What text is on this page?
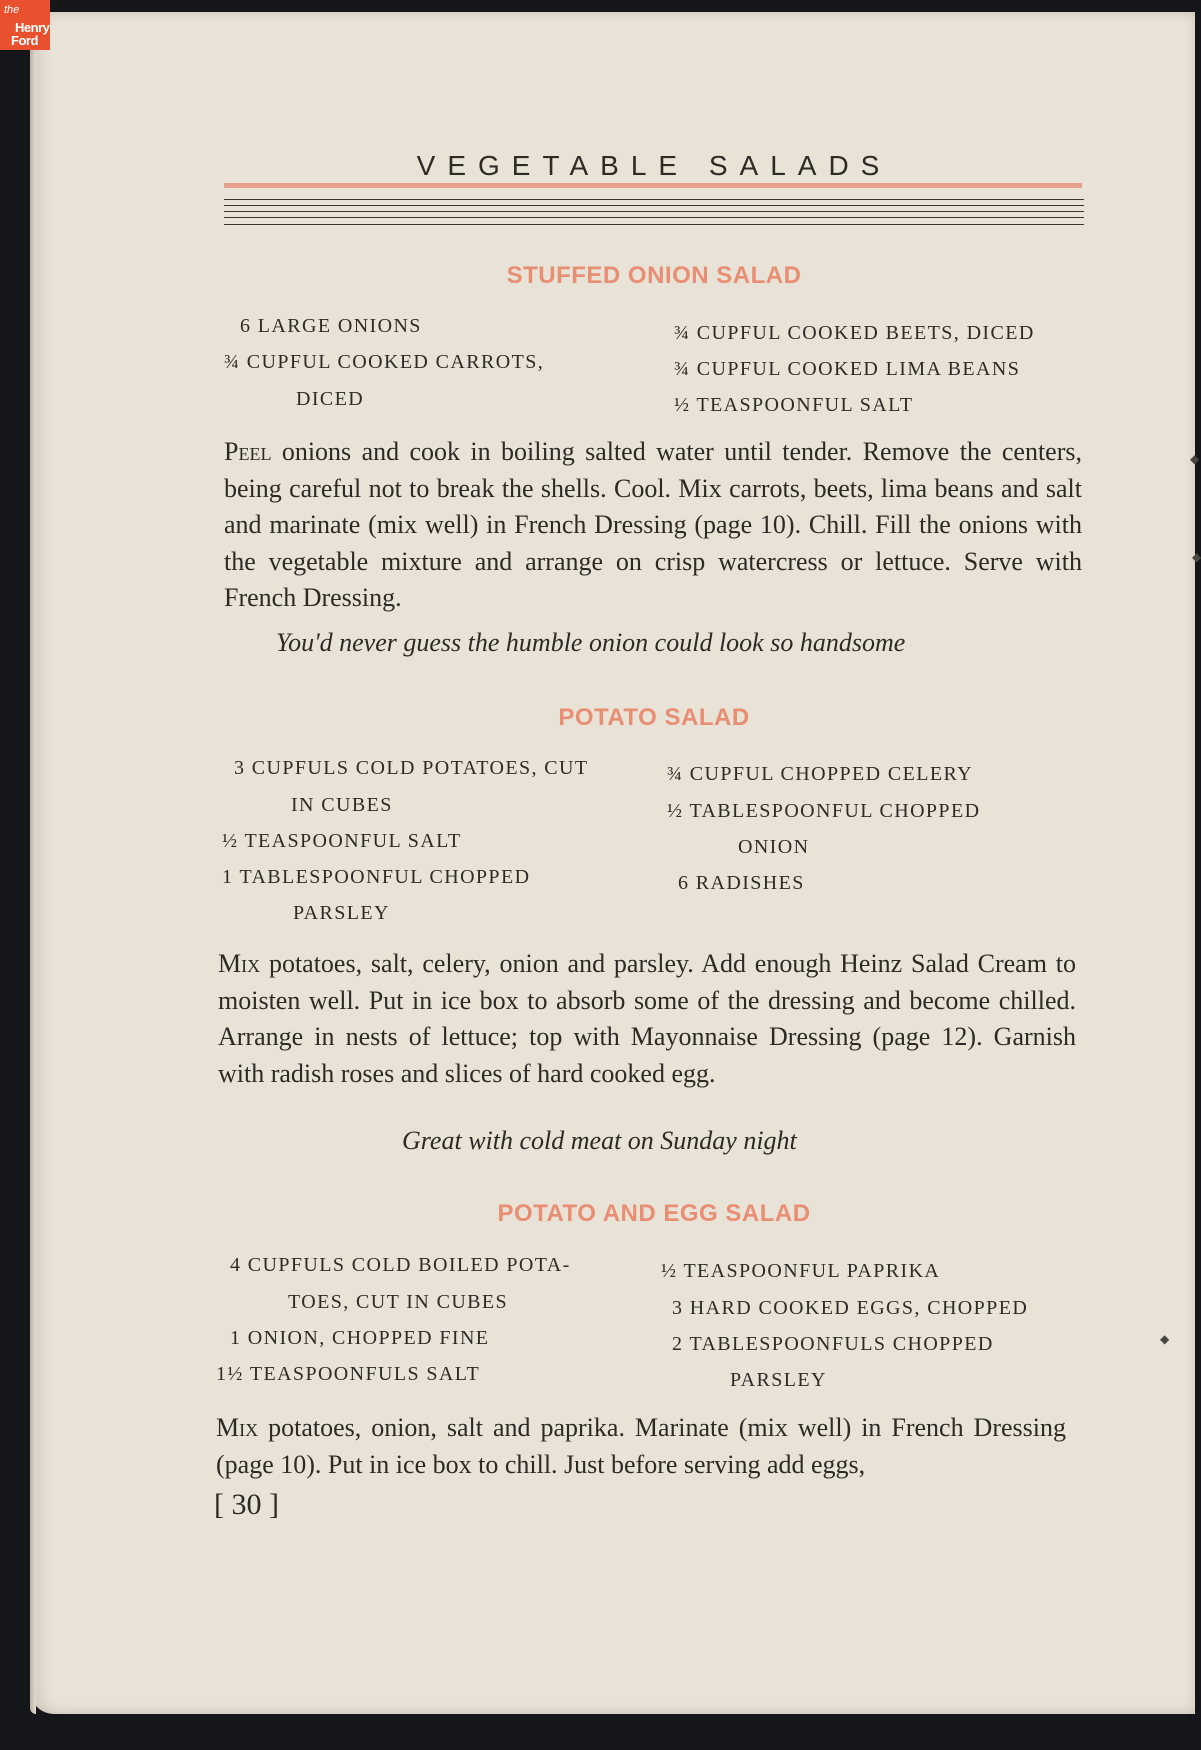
the
Henry
Ford
VEGETABLE SALADS
STUFFED ONION SALAD

6 LARGE ONIONS

¾ CUPFUL COOKED CARROTS,

DICED

¾ CUPFUL COOKED BEETS, DICED

¾ CUPFUL COOKED LIMA BEANS

½ TEASPOONFUL SALT

Peel onions and cook in boiling salted water until tender. Remove the centers, being careful not to break the shells. Cool. Mix carrots, beets, lima beans and salt and marinate (mix well) in French Dressing (page 10). Chill. Fill the onions with the vegetable mixture and arrange on crisp watercress or lettuce. Serve with French Dressing.

You'd never guess the humble onion could look so handsome

POTATO SALAD

3 CUPFULS COLD POTATOES, CUT

IN CUBES

½ TEASPOONFUL SALT

1 TABLESPOONFUL CHOPPED

PARSLEY

¾ CUPFUL CHOPPED CELERY

½ TABLESPOONFUL CHOPPED

ONION

6 RADISHES

Mix potatoes, salt, celery, onion and parsley. Add enough Heinz Salad Cream to moisten well. Put in ice box to absorb some of the dressing and become chilled. Arrange in nests of lettuce; top with Mayonnaise Dressing (page 12). Garnish with radish roses and slices of hard cooked egg.

Great with cold meat on Sunday night

POTATO AND EGG SALAD

4 CUPFULS COLD BOILED POTA-

TOES, CUT IN CUBES

1 ONION, CHOPPED FINE

1½ TEASPOONFULS SALT

½ TEASPOONFUL PAPRIKA

3 HARD COOKED EGGS, CHOPPED

2 TABLESPOONFULS CHOPPED

PARSLEY

Mix potatoes, onion, salt and paprika. Marinate (mix well) in French Dressing (page 10). Put in ice box to chill. Just before serving add eggs,

[ 30 ]

◆
◆
◆
